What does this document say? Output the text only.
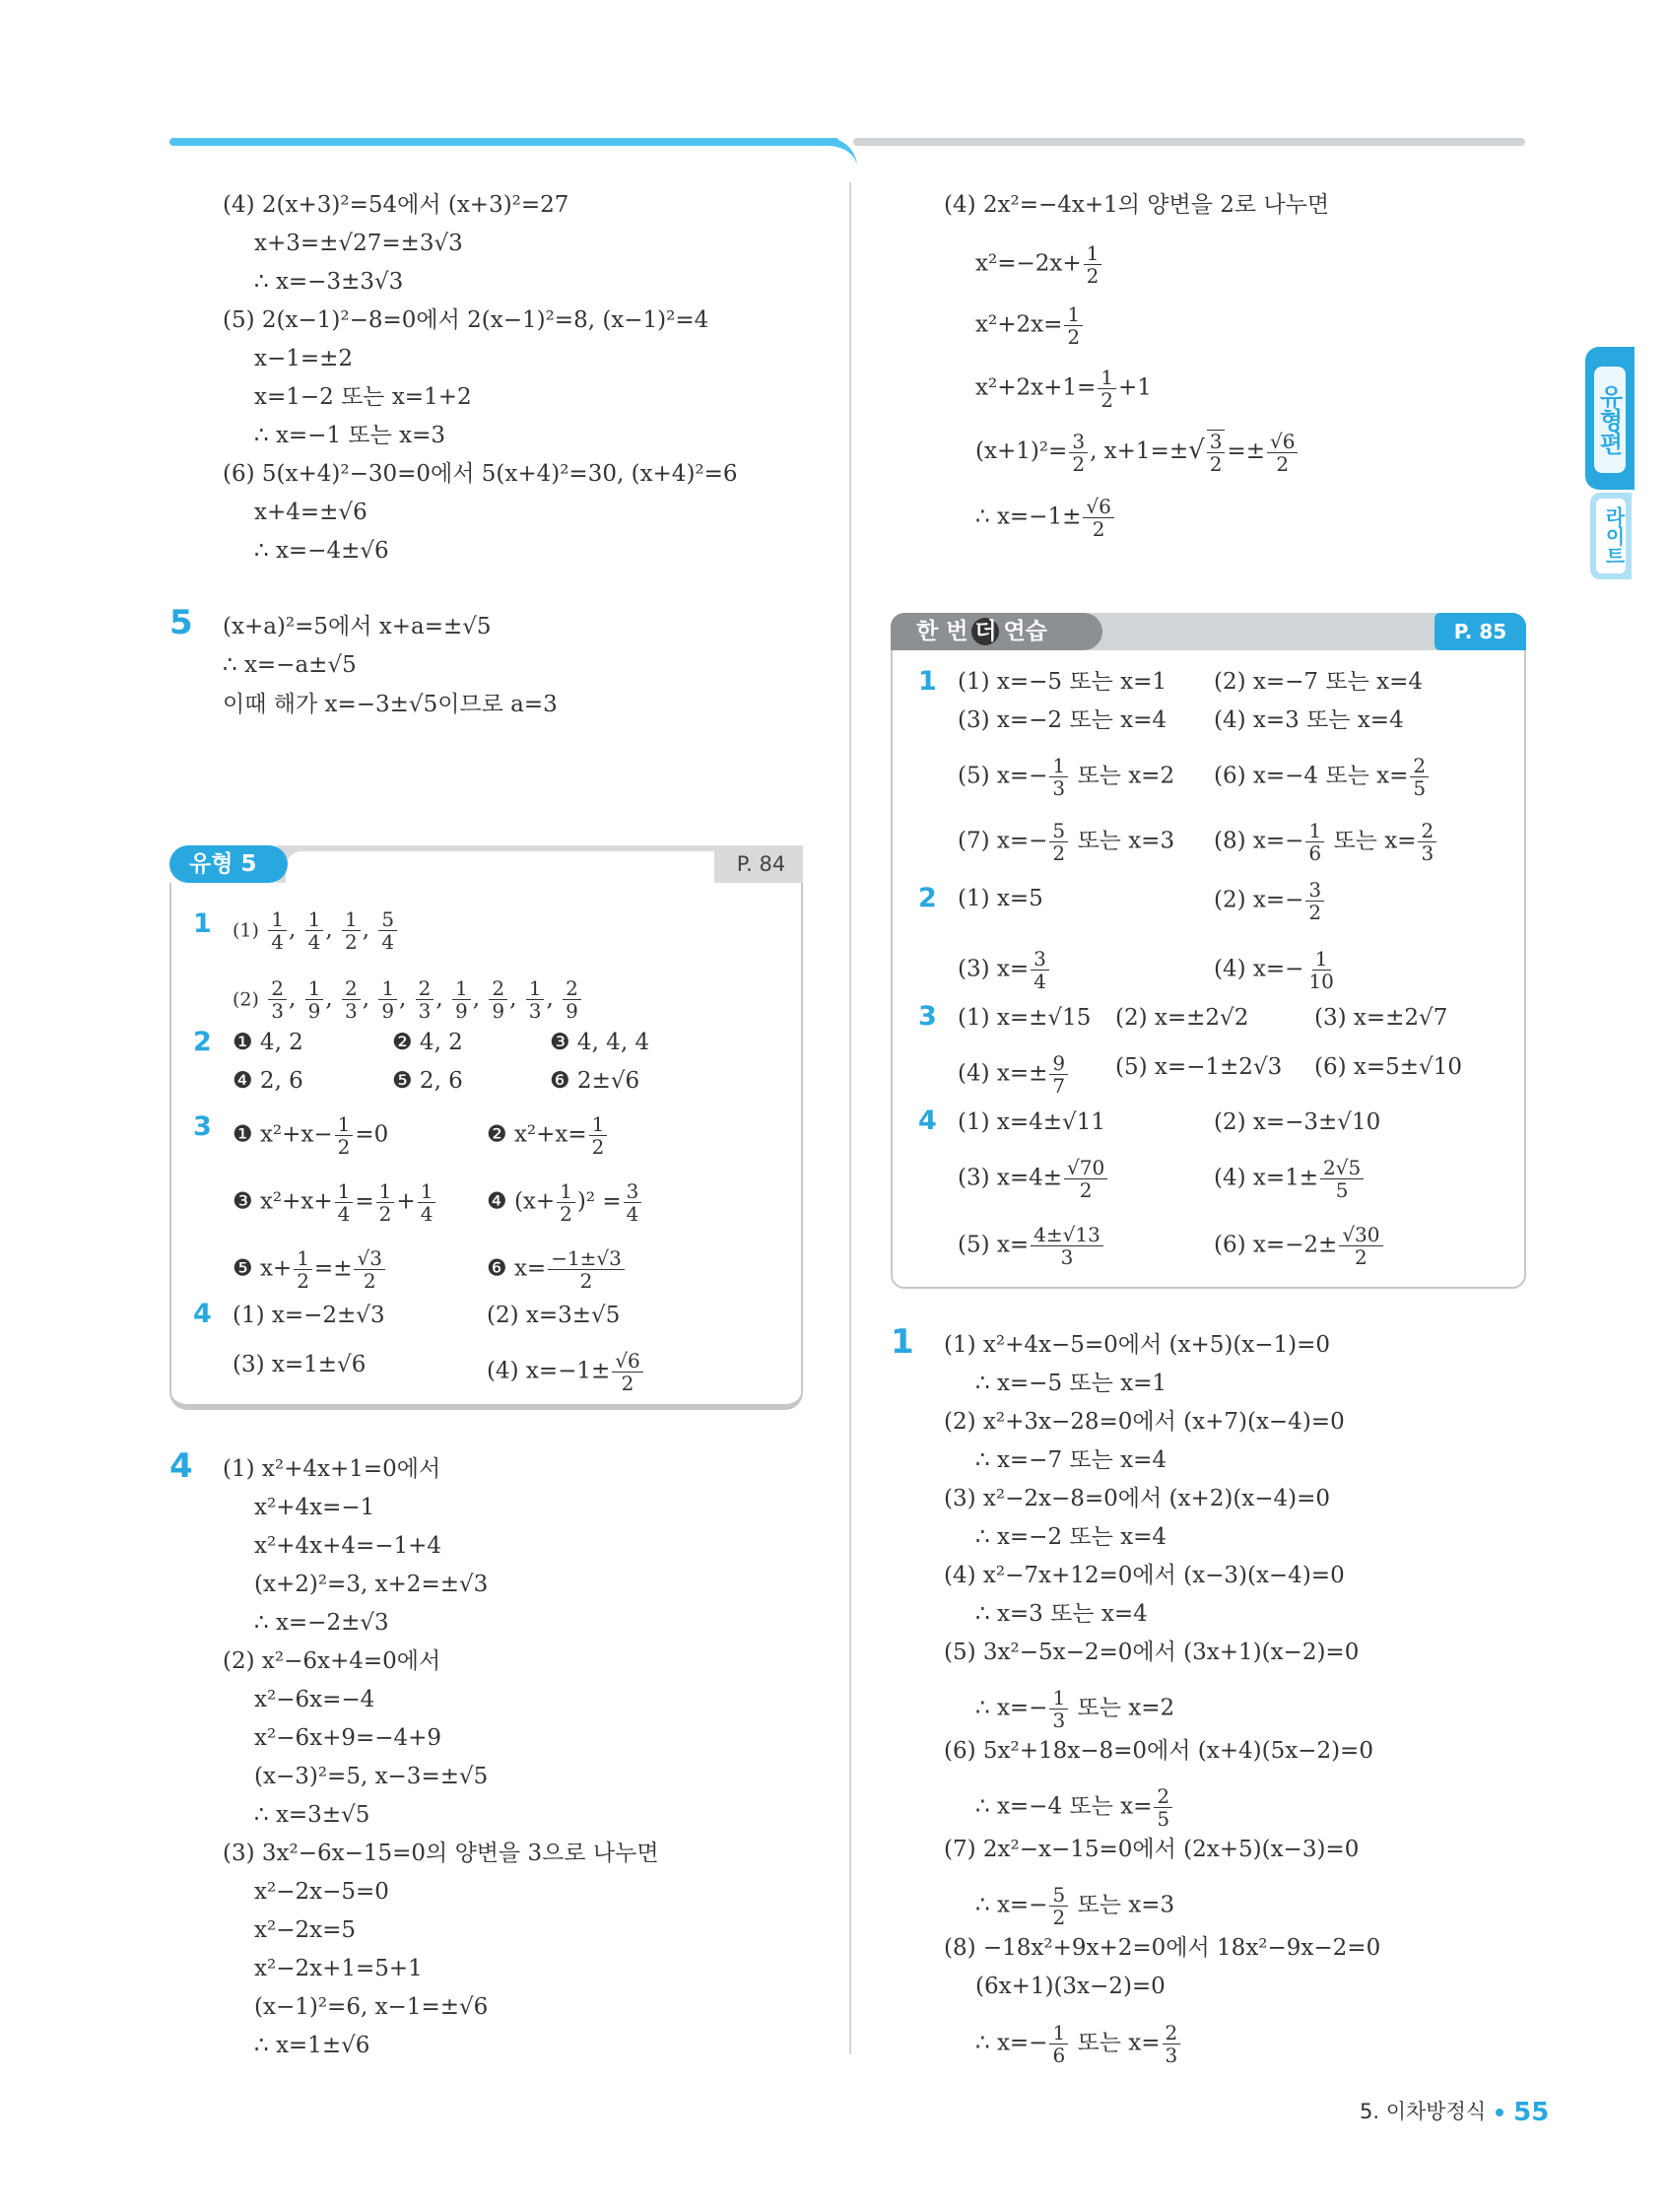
유형편
라이트
(4) 2(x+3)²=54에서 (x+3)²=27
x+3=±√27=±3√3
∴ x=−3±3√3
(5) 2(x−1)²−8=0에서 2(x−1)²=8, (x−1)²=4
x−1=±2
x=1−2 또는 x=1+2
∴ x=−1 또는 x=3
(6) 5(x+4)²−30=0에서 5(x+4)²=30, (x+4)²=6
x+4=±√6
∴ x=−4±√6
5 (x+a)²=5에서 x+a=±√5
∴ x=−a±√5
이때 해가 x=−3±√5이므로 a=3
유형 5	P. 84
1 $(1) \frac{1}{4}$ , $\frac{1}{4}$ , $\frac{1}{2}$ , $\frac{5}{4}$
$(2) \frac{2}{3}$ , $\frac{1}{9}$ , $\frac{2}{3}$ , $\frac{1}{9}$ , $\frac{2}{3}$ , $\frac{1}{9}$ , $\frac{2}{9}$ , $\frac{1}{3}$ , $\frac{2}{9}$
2 ❶ 4, 2	❷ 4, 2	❸ 4, 4, 4
❹ 2, 6	❺ 2, 6	❻ 2±√6
3 ❶ $x^2+x- \frac{1}{2} =0$	❷ $x^2+x= \frac{1}{2}$
❸ $x^2+x+ \frac{1}{4} = \frac{1}{2} + \frac{1}{4}$ ❹ $(x+ \frac{1}{2} )^2 = \frac{3}{4}$
❺ $x+ \frac{1}{2} =\pm \frac{√3}{2}$	❻ $x= \frac{-1\pm√3}{2}$
4 (1) x=−2±√3	(2) x=3±√5
(3) x=1±√6	(4) $x=-1\pm \frac{√6}{2}$
4 (1) x²+4x+1=0에서
x²+4x=−1
x²+4x+4=−1+4
(x+2)²=3, x+2=±√3
∴ x=−2±√3
(2) x²−6x+4=0에서
x²−6x=−4
x²−6x+9=−4+9
(x−3)²=5, x−3=±√5
∴ x=3±√5
(3) 3x²−6x−15=0의 양변을 3으로 나누면
x²−2x−5=0
x²−2x=5
x²−2x+1=5+1
(x−1)²=6, x−1=±√6
∴ x=1±√6
(4) 2x²=−4x+1의 양변을 2로 나누면
$x^2=-2x+ \frac{1}{2}$
$x^2+2x= \frac{1}{2}$
$x^2+2x+1= \frac{1}{2} +1$
$(x+1)^2= \frac{3}{2}$ , $x+1=\pm√ \frac{3}{2} =\pm \frac{√6}{2}$
∴ $x=-1\pm \frac{√6}{2}$
한 번 더 연습	P. 85
1 (1) x=−5 또는 x=1 (2) x=−7 또는 x=4
(3) x=−2 또는 x=4 (4) x=3 또는 x=4
(5) $x=- \frac{1}{3}$ 또는 x=2 (6) x=−4 또는 $x= \frac{2}{5}$
(7) $x=- \frac{5}{2}$ 또는 x=3 (8) $x=- \frac{1}{6}$ 또는 $x= \frac{2}{3}$
2 (1) x=5	(2) $x=- \frac{3}{2}$
(3) $x= \frac{3}{4}$	(4) $x=- \frac{1}{10}$
3 (1) x=±√15 (2) x=±2√2	(3) x=±2√7
(4) $x=\pm \frac{9}{7} (5)$ x=−1±2√3 (6) x=5±√10
4 (1) x=4±√11	(2) x=−3±√10
(3) $x=4\pm \frac{√70}{2}$	(4) $x=1\pm \frac{2√5}{5}$
(5) $x= \frac{4\pm√13}{3}$	(6) $x=-2\pm \frac{√30}{2}$
1 (1) x²+4x−5=0에서 (x+5)(x−1)=0
∴ x=−5 또는 x=1
(2) x²+3x−28=0에서 (x+7)(x−4)=0
∴ x=−7 또는 x=4
(3) x²−2x−8=0에서 (x+2)(x−4)=0
∴ x=−2 또는 x=4
(4) x²−7x+12=0에서 (x−3)(x−4)=0
∴ x=3 또는 x=4
(5) 3x²−5x−2=0에서 (3x+1)(x−2)=0
∴ $x=- \frac{1}{3}$ 또는 x=2
(6) 5x²+18x−8=0에서 (x+4)(5x−2)=0
∴ x=−4 또는 $x= \frac{2}{5}$
(7) 2x²−x−15=0에서 (2x+5)(x−3)=0
∴ $x=- \frac{5}{2}$ 또는 x=3
(8) −18x²+9x+2=0에서 18x²−9x−2=0
(6x+1)(3x−2)=0
∴ $x=- \frac{1}{6}$ 또는 $x= \frac{2}{3}$
5. 이차방정식 55
